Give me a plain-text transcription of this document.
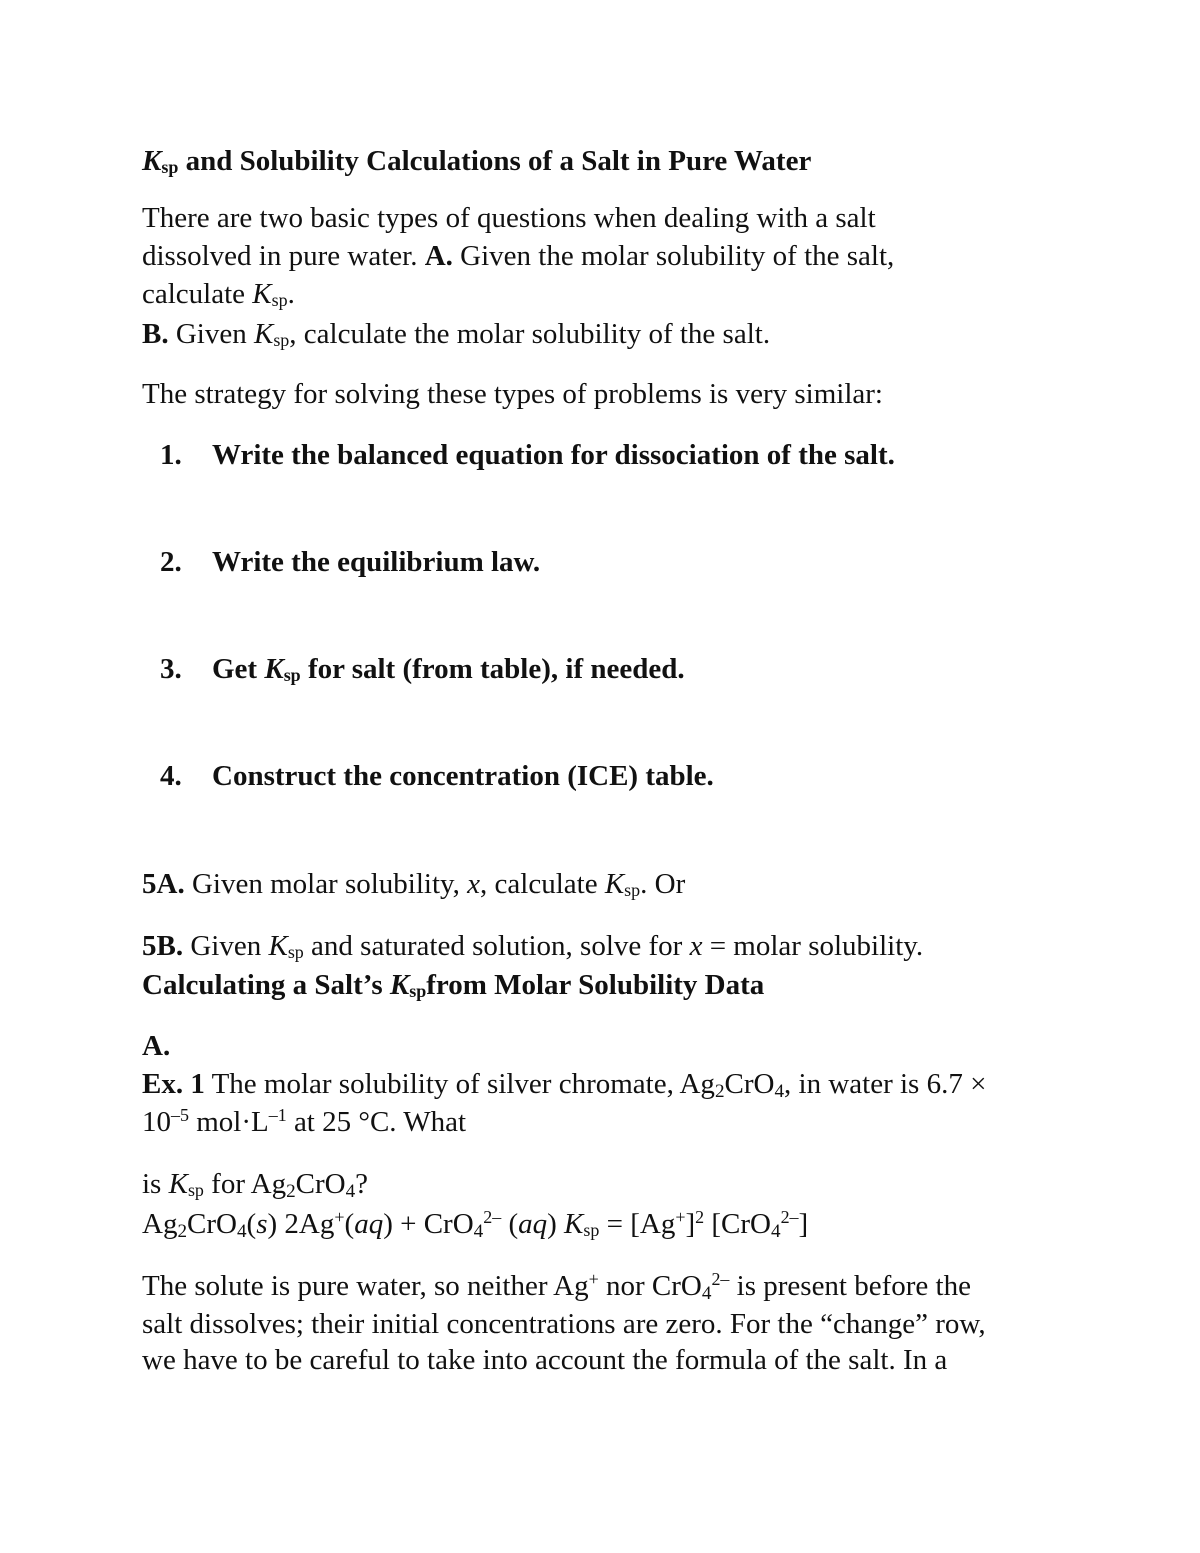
Ksp and Solubility Calculations of a Salt in Pure Water

There are two basic types of questions when dealing with a salt

dissolved in pure water. A. Given the molar solubility of the salt,

calculate Ksp.

B. Given Ksp, calculate the molar solubility of the salt.

The strategy for solving these types of problems is very similar:

1. Write the balanced equation for dissociation of the salt.
2. Write the equilibrium law.
3. Get Ksp for salt (from table), if needed.
4. Construct the concentration (ICE) table.

5A. Given molar solubility, x, calculate Ksp. Or

5B. Given Ksp and saturated solution, solve for x = molar solubility.

Calculating a Salt’s Kspfrom Molar Solubility Data

A.

Ex. 1 The molar solubility of silver chromate, $Ag_2CrO_4$, in water is 6.7 ×

$10^{-5}$ $mol\cdot L^{-1}$ at 25 °C. What

is Ksp for $Ag_2CrO_4$?

$Ag_2CrO_4(s) 2Ag^+(aq) + CrO_4^{2-}$ (aq) Ksp = $[Ag^+]^2$ [CrO$_4^{2-}$]

The solute is pure water, so neither Ag+ nor CrO$_4^{2-}$ is present before the

salt dissolves; their initial concentrations are zero. For the “change” row,

we have to be careful to take into account the formula of the salt. In a
